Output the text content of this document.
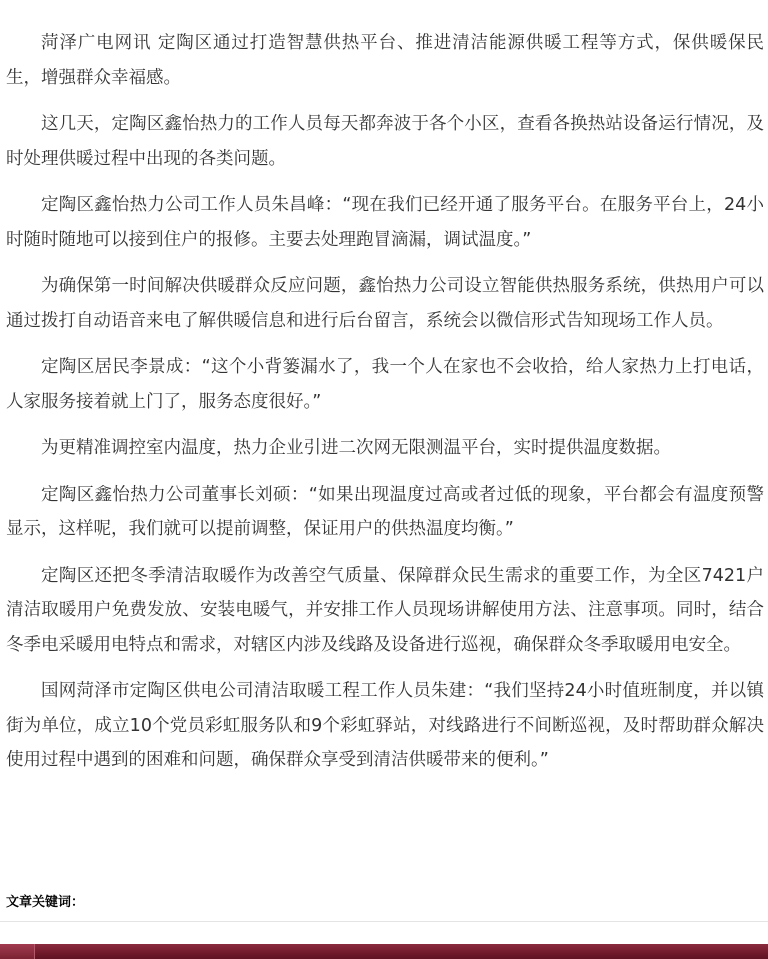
菏泽广电网讯 定陶区通过打造智慧供热平台、推进清洁能源供暖工程等方式，保供暖保民生，增强群众幸福感。

这几天，定陶区鑫怡热力的工作人员每天都奔波于各个小区，查看各换热站设备运行情况，及时处理供暖过程中出现的各类问题。

定陶区鑫怡热力公司工作人员朱昌峰：“现在我们已经开通了服务平台。在服务平台上，24小时随时随地可以接到住户的报修。主要去处理跑冒滴漏，调试温度。”

为确保第一时间解决供暖群众反应问题，鑫怡热力公司设立智能供热服务系统，供热用户可以通过拨打自动语音来电了解供暖信息和进行后台留言，系统会以微信形式告知现场工作人员。

定陶区居民李景成：“这个小背篓漏水了，我一个人在家也不会收拾，给人家热力上打电话，人家服务接着就上门了，服务态度很好。”

为更精准调控室内温度，热力企业引进二次网无限测温平台，实时提供温度数据。

定陶区鑫怡热力公司董事长刘硕：“如果出现温度过高或者过低的现象，平台都会有温度预警显示，这样呢，我们就可以提前调整，保证用户的供热温度均衡。”

定陶区还把冬季清洁取暖作为改善空气质量、保障群众民生需求的重要工作，为全区7421户清洁取暖用户免费发放、安装电暖气，并安排工作人员现场讲解使用方法、注意事项。同时，结合冬季电采暖用电特点和需求，对辖区内涉及线路及设备进行巡视，确保群众冬季取暖用电安全。

国网菏泽市定陶区供电公司清洁取暖工程工作人员朱建：“我们坚持24小时值班制度，并以镇街为单位，成立10个党员彩虹服务队和9个彩虹驿站，对线路进行不间断巡视，及时帮助群众解决使用过程中遇到的困难和问题，确保群众享受到清洁供暖带来的便利。”

文章关键词：
